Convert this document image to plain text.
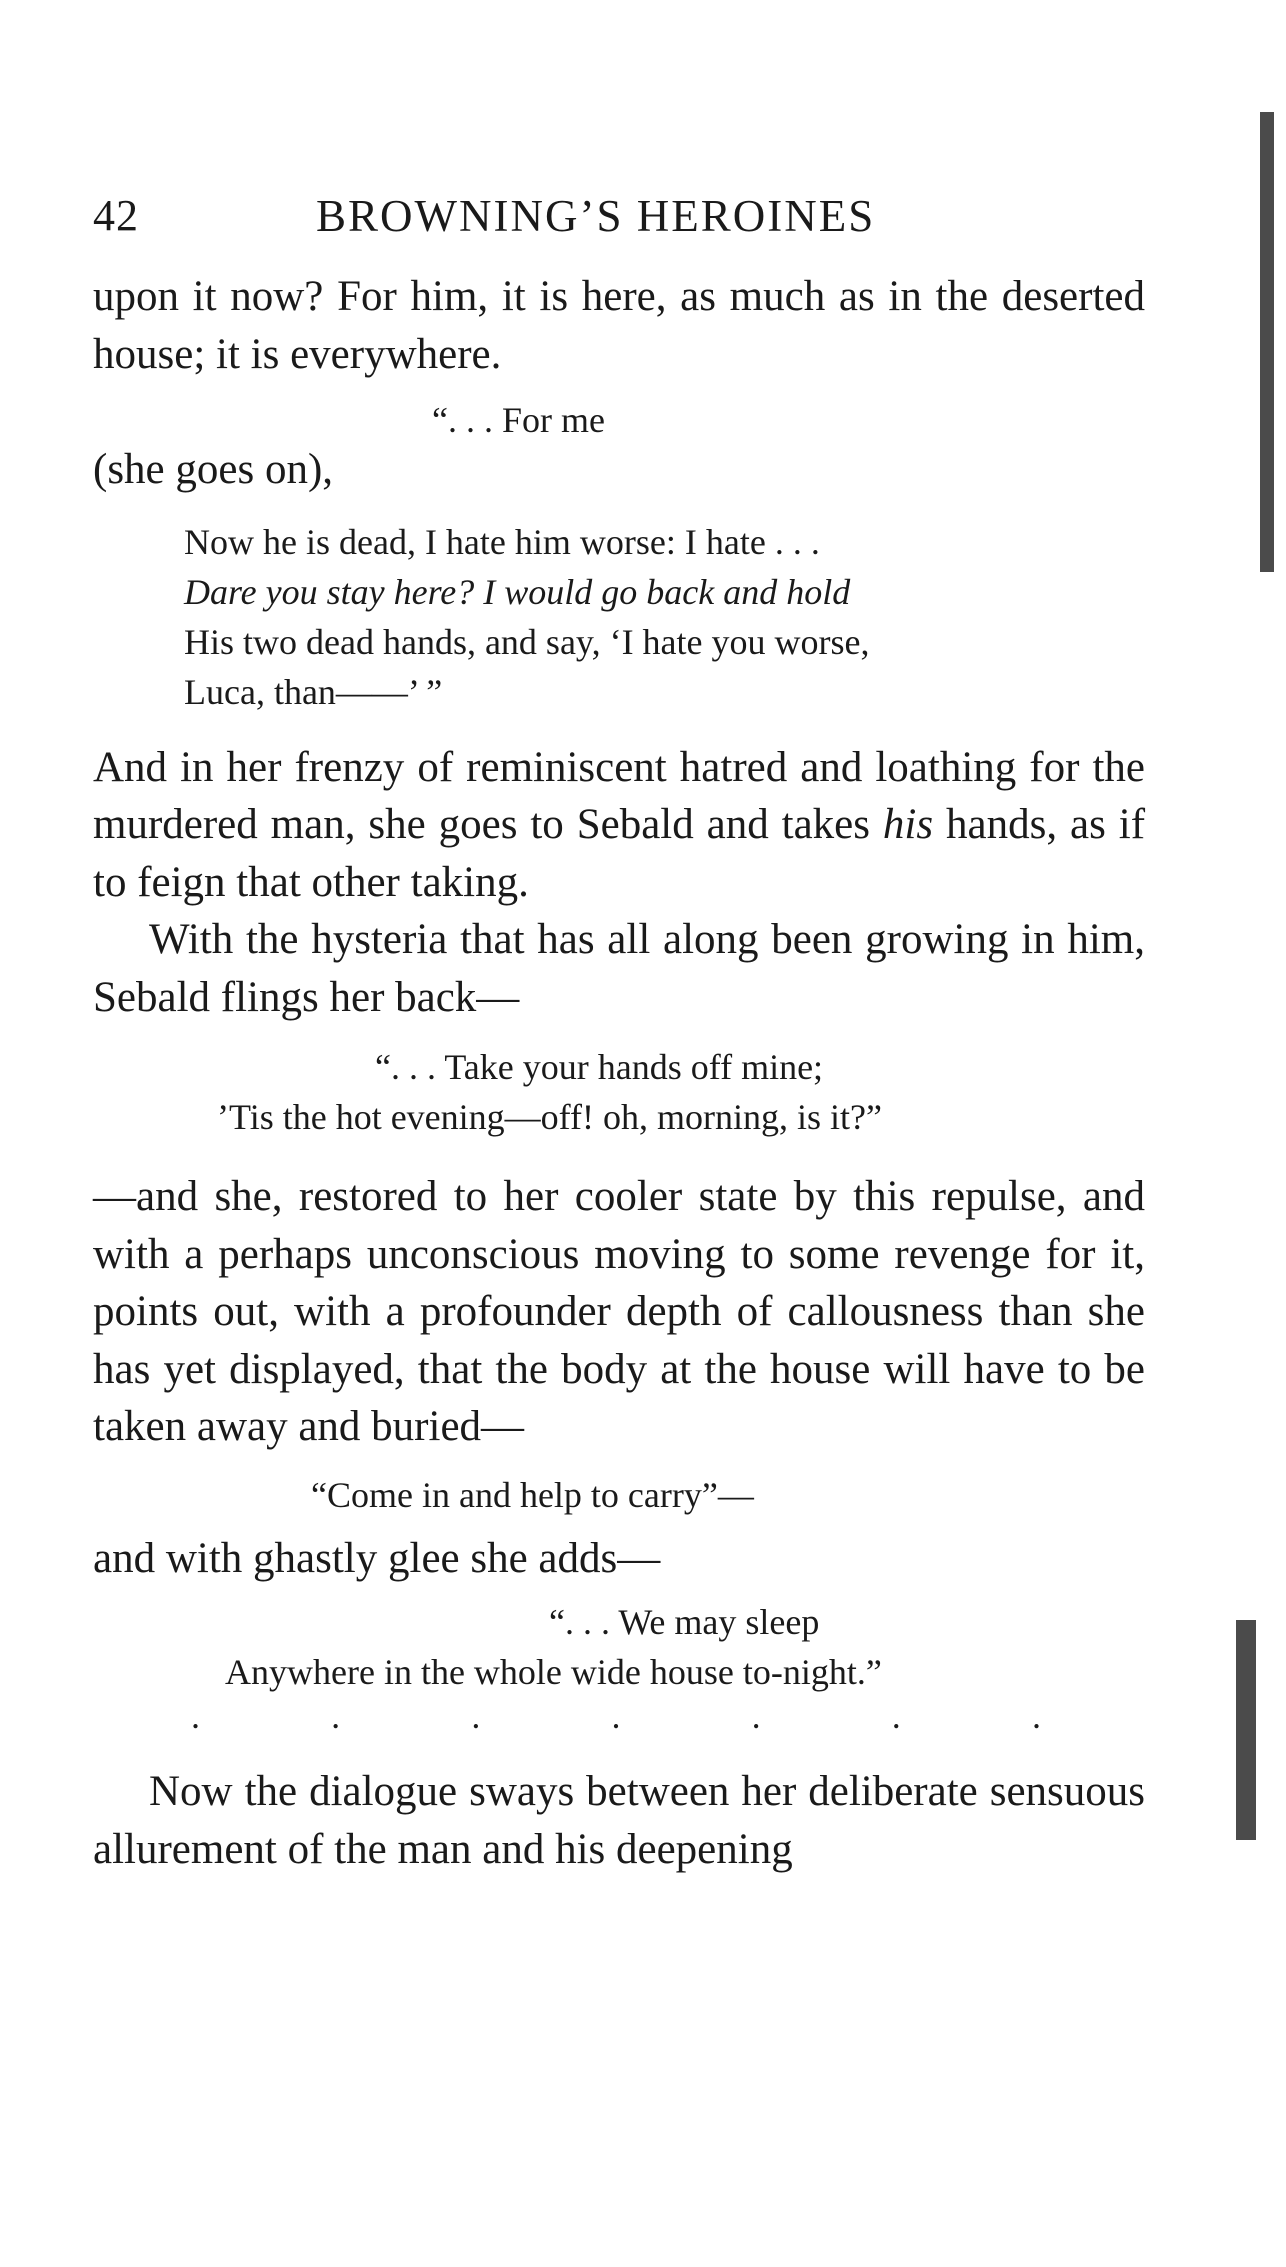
42	BROWNING’S HEROINES

upon it now? For him, it is here, as much as in the deserted house; it is everywhere.

“. . . For me

(she goes on),

Now he is dead, I hate him worse: I hate . . .
Dare you stay here? I would go back and hold
His two dead hands, and say, ‘I hate you worse,
Luca, than——’ ”

And in her frenzy of reminiscent hatred and loathing for the murdered man, she goes to Sebald and takes his hands, as if to feign that other taking.

With the hysteria that has all along been growing in him, Sebald flings her back—

“. . . Take your hands off mine;
’Tis the hot evening—off! oh, morning, is it?”

—and she, restored to her cooler state by this repulse, and with a perhaps unconscious moving to some revenge for it, points out, with a profounder depth of callousness than she has yet displayed, that the body at the house will have to be taken away and buried—

“Come in and help to carry”—

and with ghastly glee she adds—

“. . . We may sleep
Anywhere in the whole wide house to-night.”
.	.	.	.	.	.	.

Now the dialogue sways between her deliberate sensuous allurement of the man and his deepening
